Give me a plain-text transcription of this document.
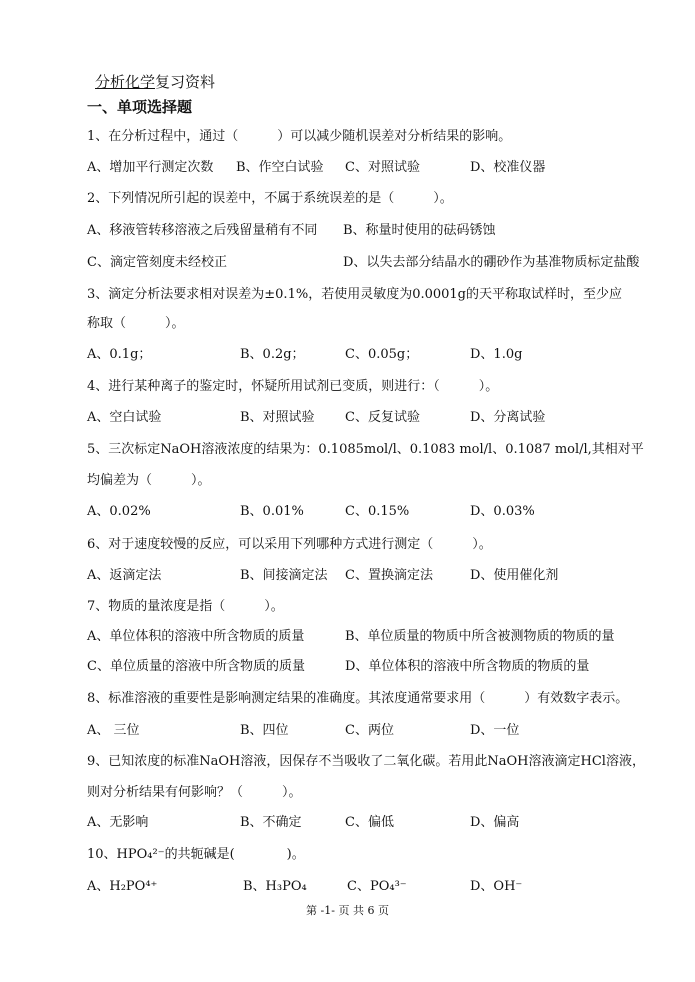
分析化学复习资料
一、单项选择题
1、在分析过程中，通过（　　　）可以减少随机误差对分析结果的影响。
A、增加平行测定次数 B、作空白试验 C、对照试验	D、校准仪器
2、下列情况所引起的误差中，不属于系统误差的是（　　　）。
A、移液管转移溶液之后残留量稍有不同 B、称量时使用的砝码锈蚀
C、滴定管刻度未经校正	D、以失去部分结晶水的硼砂作为基准物质标定盐酸
3、滴定分析法要求相对误差为±0.1%，若使用灵敏度为0.0001g的天平称取试样时，至少应
称取（　　　）。
A、0.1g；	B、0.2g；	C、0.05g；	D、1.0g
4、进行某种离子的鉴定时，怀疑所用试剂已变质，则进行：（　　　）。
A、空白试验	B、对照试验 C、反复试验	D、分离试验
5、三次标定NaOH溶液浓度的结果为：0.1085mol/l、0.1083 mol/l、0.1087 mol/l,其相对平
均偏差为（　　　）。
A、0.02%	B、0.01%	C、0.15%	D、0.03%
6、对于速度较慢的反应，可以采用下列哪种方式进行测定（　　　）。
A、返滴定法	B、间接滴定法 C、置换滴定法	D、使用催化剂
7、物质的量浓度是指（　　　）。
A、单位体积的溶液中所含物质的质量	B、单位质量的物质中所含被测物质的物质的量
C、单位质量的溶液中所含物质的质量	D、单位体积的溶液中所含物质的物质的量
8、标准溶液的重要性是影响测定结果的准确度。其浓度通常要求用（　　　）有效数字表示。
A、 三位	B、四位	C、两位	D、一位
9、已知浓度的标准NaOH溶液，因保存不当吸收了二氧化碳。若用此NaOH溶液滴定HCl溶液，
则对分析结果有何影响？（　　　）。
A、无影响	B、不确定	C、偏低	D、偏高
10、HPO₄²⁻的共轭碱是(　　　　)。
A、H₂PO⁴⁺	B、H₃PO₄	C、PO₄³⁻	D、OH⁻
第 -1- 页 共 6 页
